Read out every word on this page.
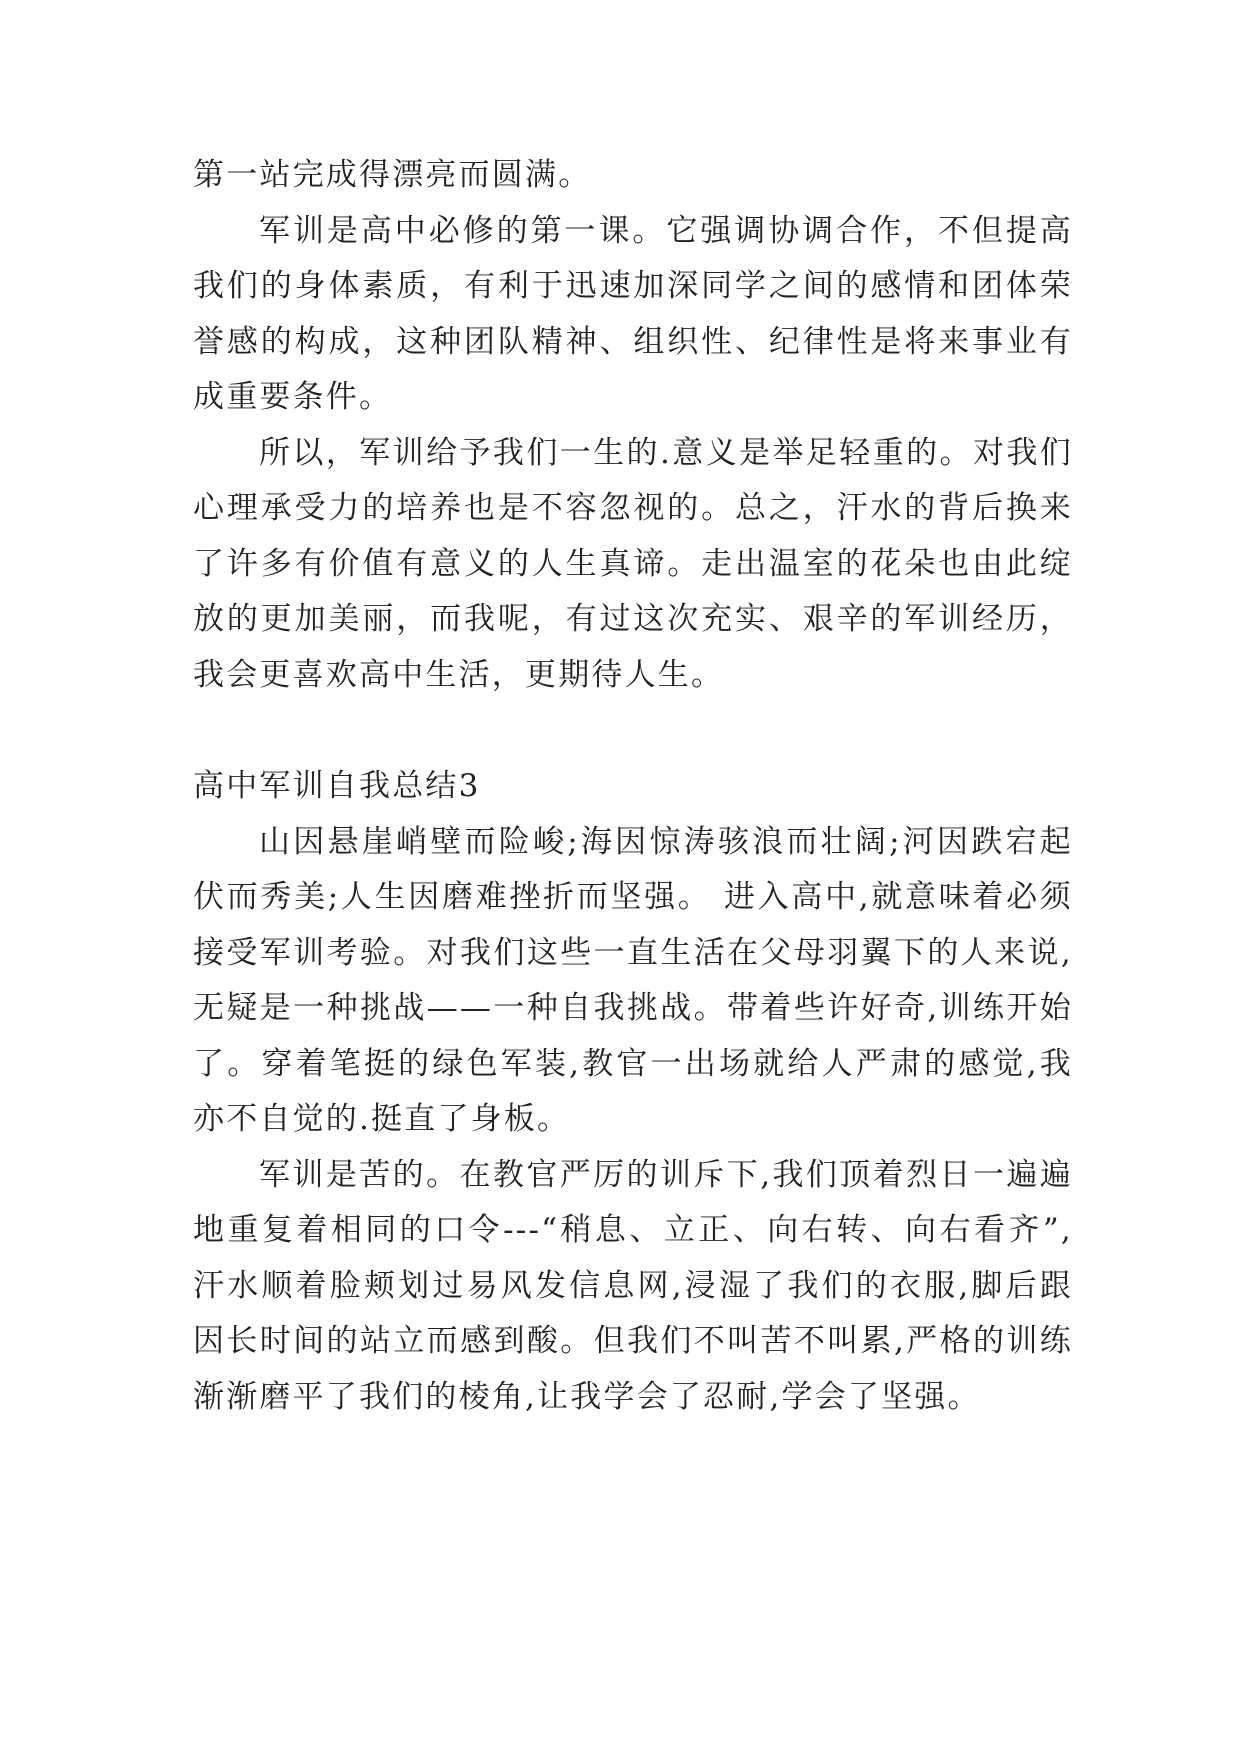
第一站完成得漂亮而圆满。

军训是高中必修的第一课。它强调协调合作，不但提高我们的身体素质，有利于迅速加深同学之间的感情和团体荣誉感的构成，这种团队精神、组织性、纪律性是将来事业有成重要条件。

所以，军训给予我们一生的.意义是举足轻重的。对我们心理承受力的培养也是不容忽视的。总之，汗水的背后换来了许多有价值有意义的人生真谛。走出温室的花朵也由此绽放的更加美丽，而我呢，有过这次充实、艰辛的军训经历，我会更喜欢高中生活，更期待人生。

高中军训自我总结3

山因悬崖峭壁而险峻;海因惊涛骇浪而壮阔;河因跌宕起伏而秀美;人生因磨难挫折而坚强。 进入高中,就意味着必须接受军训考验。对我们这些一直生活在父母羽翼下的人来说,无疑是一种挑战——一种自我挑战。带着些许好奇,训练开始了。穿着笔挺的绿色军装,教官一出场就给人严肃的感觉,我亦不自觉的.挺直了身板。

军训是苦的。在教官严厉的训斥下,我们顶着烈日一遍遍地重复着相同的口令---“稍息、立正、向右转、向右看齐”,汗水顺着脸颊划过易风发信息网,浸湿了我们的衣服,脚后跟因长时间的站立而感到酸。但我们不叫苦不叫累,严格的训练渐渐磨平了我们的棱角,让我学会了忍耐,学会了坚强。
